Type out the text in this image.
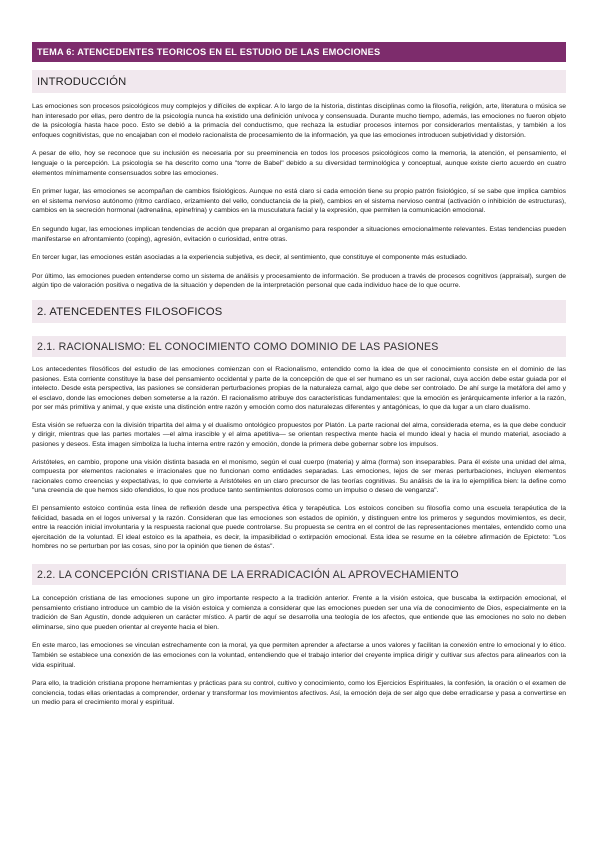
TEMA 6: ATENCEDENTES TEORICOS EN EL ESTUDIO DE LAS EMOCIONES
INTRODUCCIÓN

Las emociones son procesos psicológicos muy complejos y difíciles de explicar. A lo largo de la historia, distintas disciplinas como la filosofía, religión, arte, literatura o música se han interesado por ellas, pero dentro de la psicología nunca ha existido una definición unívoca y consensuada. Durante mucho tiempo, además, las emociones no fueron objeto de la psicología hasta hace poco. Esto se debió a la primacía del conductismo, que rechaza la estudiar procesos internos por considerarlos mentalistas, y también a los enfoques cognitivistas, que no encajaban con el modelo racionalista de procesamiento de la información, ya que las emociones introducen subjetividad y distorsión.

A pesar de ello, hoy se reconoce que su inclusión es necesaria por su preeminencia en todos los procesos psicológicos como la memoria, la atención, el pensamiento, el lenguaje o la percepción. La psicología se ha descrito como una "torre de Babel" debido a su diversidad terminológica y conceptual, aunque existe cierto acuerdo en cuatro elementos mínimamente consensuados sobre las emociones.

En primer lugar, las emociones se acompañan de cambios fisiológicos. Aunque no está claro si cada emoción tiene su propio patrón fisiológico, sí se sabe que implica cambios en el sistema nervioso autónomo (ritmo cardíaco, erizamiento del vello, conductancia de la piel), cambios en el sistema nervioso central (activación o inhibición de estructuras), cambios en la secreción hormonal (adrenalina, epinefrina) y cambios en la musculatura facial y la expresión, que permiten la comunicación emocional.

En segundo lugar, las emociones implican tendencias de acción que preparan al organismo para responder a situaciones emocionalmente relevantes. Estas tendencias pueden manifestarse en afrontamiento (coping), agresión, evitación o curiosidad, entre otras.

En tercer lugar, las emociones están asociadas a la experiencia subjetiva, es decir, al sentimiento, que constituye el componente más estudiado.

Por último, las emociones pueden entenderse como un sistema de análisis y procesamiento de información. Se producen a través de procesos cognitivos (appraisal), surgen de algún tipo de valoración positiva o negativa de la situación y dependen de la interpretación personal que cada individuo hace de lo que ocurre.

2. ATENCEDENTES FILOSOFICOS
2.1. RACIONALISMO: EL CONOCIMIENTO COMO DOMINIO DE LAS PASIONES

Los antecedentes filosóficos del estudio de las emociones comienzan con el Racionalismo, entendido como la idea de que el conocimiento consiste en el dominio de las pasiones. Esta corriente constituye la base del pensamiento occidental y parte de la concepción de que el ser humano es un ser racional, cuya acción debe estar guiada por el intelecto. Desde esta perspectiva, las pasiones se consideran perturbaciones propias de la naturaleza carnal, algo que debe ser controlado. De ahí surge la metáfora del amo y el esclavo, donde las emociones deben someterse a la razón. El racionalismo atribuye dos características fundamentales: que la emoción es jerárquicamente inferior a la razón, por ser más primitiva y animal, y que existe una distinción entre razón y emoción como dos naturalezas diferentes y antagónicas, lo que da lugar a un claro dualismo.

Esta visión se refuerza con la división tripartita del alma y el dualismo ontológico propuestos por Platón. La parte racional del alma, considerada eterna, es la que debe conducir y dirigir, mientras que las partes mortales —el alma irascible y el alma apetitiva— se orientan respectiva mente hacia el mundo ideal y hacia el mundo material, asociado a pasiones y deseos. Esta imagen simboliza la lucha interna entre razón y emoción, donde la primera debe gobernar sobre los impulsos.

Aristóteles, en cambio, propone una visión distinta basada en el monismo, según el cual cuerpo (materia) y alma (forma) son inseparables. Para él existe una unidad del alma, compuesta por elementos racionales e irracionales que no funcionan como entidades separadas. Las emociones, lejos de ser meras perturbaciones, incluyen elementos racionales como creencias y expectativas, lo que convierte a Aristóteles en un claro precursor de las teorías cognitivas. Su análisis de la ira lo ejemplifica bien: la define como "una creencia de que hemos sido ofendidos, lo que nos produce tanto sentimientos dolorosos como un impulso o deseo de venganza".

El pensamiento estoico continúa esta línea de reflexión desde una perspectiva ética y terapéutica. Los estoicos conciben su filosofía como una escuela terapéutica de la felicidad, basada en el logos universal y la razón. Consideran que las emociones son estados de opinión, y distinguen entre los primeros y segundos movimientos, es decir, entre la reacción inicial involuntaria y la respuesta racional que puede controlarse. Su propuesta se centra en el control de las representaciones mentales, entendido como una ejercitación de la voluntad. El ideal estoico es la apatheia, es decir, la impasibilidad o extirpación emocional. Esta idea se resume en la célebre afirmación de Epicteto: "Los hombres no se perturban por las cosas, sino por la opinión que tienen de éstas".

2.2. LA CONCEPCIÓN CRISTIANA DE LA ERRADICACIÓN AL APROVECHAMIENTO

La concepción cristiana de las emociones supone un giro importante respecto a la tradición anterior. Frente a la visión estoica, que buscaba la extirpación emocional, el pensamiento cristiano introduce un cambio de la visión estoica y comienza a considerar que las emociones pueden ser una vía de conocimiento de Dios, especialmente en la tradición de San Agustín, donde adquieren un carácter místico. A partir de aquí se desarrolla una teología de los afectos, que entiende que las emociones no solo no deben eliminarse, sino que pueden orientar al creyente hacia el bien.

En este marco, las emociones se vinculan estrechamente con la moral, ya que permiten aprender a afectarse a unos valores y facilitan la conexión entre lo emocional y lo ético. También se establece una conexión de las emociones con la voluntad, entendiendo que el trabajo interior del creyente implica dirigir y cultivar sus afectos para alinearlos con la vida espiritual.

Para ello, la tradición cristiana propone herramientas y prácticas para su control, cultivo y conocimiento, como los Ejercicios Espirituales, la confesión, la oración o el examen de conciencia, todas ellas orientadas a comprender, ordenar y transformar los movimientos afectivos. Así, la emoción deja de ser algo que debe erradicarse y pasa a convertirse en un medio para el crecimiento moral y espiritual.
